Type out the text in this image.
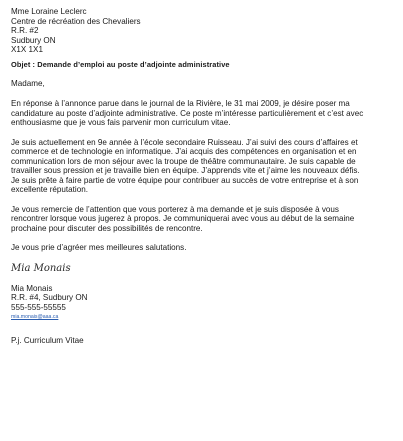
Mme Loraine Leclerc
Centre de récréation des Chevaliers
R.R. #2
Sudbury ON
X1X 1X1
Objet : Demande d’emploi au poste d’adjointe administrative
Madame,
En réponse à l’annonce parue dans le journal de la Rivière, le 31 mai 2009, je désire poser ma
candidature au poste d’adjointe administrative. Ce poste m’intéresse particulièrement et c’est avec
enthousiasme que je vous fais parvenir mon curriculum vitae.
Je suis actuellement en 9e année à l’école secondaire Ruisseau. J’ai suivi des cours d’affaires et
commerce et de technologie en informatique. J’ai acquis des compétences en organisation et en
communication lors de mon séjour avec la troupe de théâtre communautaire. Je suis capable de
travailler sous pression et je travaille bien en équipe. J’apprends vite et j’aime les nouveaux défis.
Je suis prête à faire partie de votre équipe pour contribuer au succès de votre entreprise et à son
excellente réputation.
Je vous remercie de l’attention que vous porterez à ma demande et je suis disposée à vous
rencontrer lorsque vous jugerez à propos. Je communiquerai avec vous au début de la semaine
prochaine pour discuter des possibilités de rencontre.
Je vous prie d’agréer mes meilleures salutations.
Mia Monais
Mia Monais
R.R. #4, Sudbury ON
555-555-55555
mia.monais@aaa.ca
P.j. Curriculum Vitae
